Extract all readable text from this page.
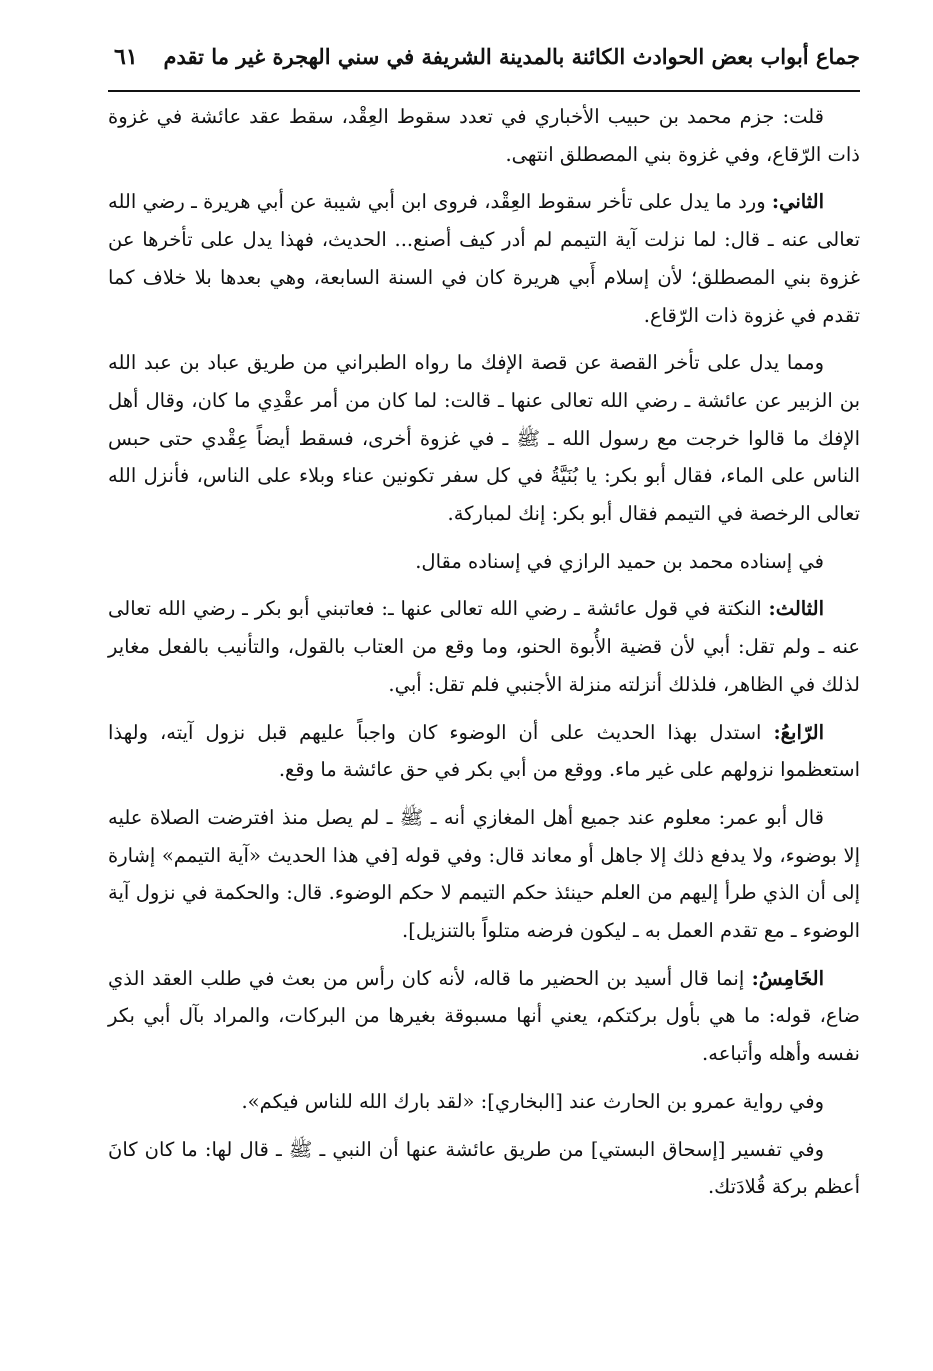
جماع أبواب بعض الحوادث الكائنة بالمدينة الشريفة في سني الهجرة غير ما تقدم
٦١

قلت: جزم محمد بن حبيب الأخباري في تعدد سقوط العِقْد، سقط عقد عائشة في غزوة ذات الرّقاع، وفي غزوة بني المصطلق انتهى.

الثاني: ورد ما يدل على تأخر سقوط العِقْد، فروى ابن أبي شيبة عن أبي هريرة ـ رضي الله تعالى عنه ـ قال: لما نزلت آية التيمم لم أدر كيف أصنع... الحديث، فهذا يدل على تأخرها عن غزوة بني المصطلق؛ لأن إسلام أَبي هريرة كان في السنة السابعة، وهي بعدها بلا خلاف كما تقدم في غزوة ذات الرّقاع.

ومما يدل على تأخر القصة عن قصة الإفك ما رواه الطبراني من طريق عباد بن عبد الله بن الزبير عن عائشة ـ رضي الله تعالى عنها ـ قالت: لما كان من أمر عقْدِي ما كان، وقال أهل الإفك ما قالوا خرجت مع رسول الله ـ ﷺ ـ في غزوة أخرى، فسقط أيضاً عِقْدي حتى حبس الناس على الماء، فقال أبو بكر: يا بُنَيَّةُ في كل سفر تكونين عناء وبلاء على الناس، فأنزل الله تعالى الرخصة في التيمم فقال أبو بكر: إنك لمباركة.

في إسناده محمد بن حميد الرازي في إسناده مقال.

الثالث: النكتة في قول عائشة ـ رضي الله تعالى عنها ـ: فعاتبني أبو بكر ـ رضي الله تعالى عنه ـ ولم تقل: أبي لأن قضية الأُبوة الحنو، وما وقع من العتاب بالقول، والتأنيب بالفعل مغاير لذلك في الظاهر، فلذلك أنزلته منزلة الأجنبي فلم تقل: أبي.

الرّابعُ: استدل بهذا الحديث على أن الوضوء كان واجباً عليهم قبل نزول آيته، ولهذا استعظموا نزولهم على غير ماء. ووقع من أبي بكر في حق عائشة ما وقع.

قال أبو عمر: معلوم عند جميع أهل المغازي أنه ـ ﷺ ـ لم يصل منذ افترضت الصلاة عليه إلا بوضوء، ولا يدفع ذلك إلا جاهل أو معاند قال: وفي قوله [في هذا الحديث «آية التيمم» إشارة إلى أن الذي طرأ إليهم من العلم حينئذ حكم التيمم لا حكم الوضوء. قال: والحكمة في نزول آية الوضوء ـ مع تقدم العمل به ـ ليكون فرضه متلواً بالتنزيل].

الخَامِسُ: إنما قال أسيد بن الحضير ما قاله، لأنه كان رأس من بعث في طلب العقد الذي ضاع، قوله: ما هي بأول بركتكم، يعني أنها مسبوقة بغيرها من البركات، والمراد بآل أبي بكر نفسه وأهله وأتباعه.

وفي رواية عمرو بن الحارث عند [البخاري]: «لقد بارك الله للناس فيكم».

وفي تفسير [إسحاق البستي] من طريق عائشة عنها أن النبي ـ ﷺ ـ قال لها: ما كان كانَ أعظم بركة قُلادَتك.
